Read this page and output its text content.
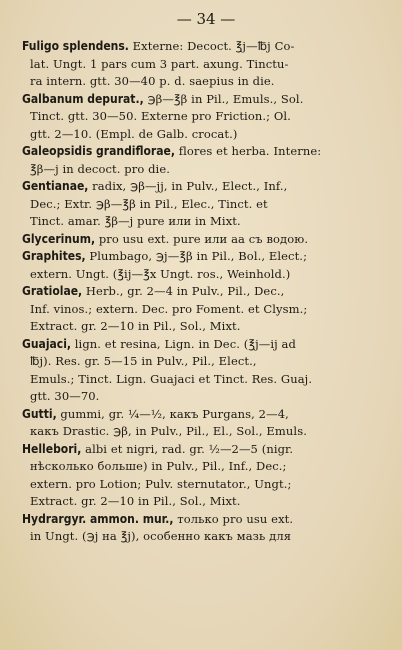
— 34 —
Fuligo splendens. Externe: Decoct. ℥j—℔j Co-
lat. Ungt. 1 pars cum 3 part. axung. Tinctu-
ra intern. gtt. 30—40 p. d. saepius in die.
Galbanum depurat., ℈β—℥β in Pil., Emuls., Sol.
Tinct. gtt. 30—50. Externe pro Friction.; Ol.
gtt. 2—10. (Empl. de Galb. crocat.)
Galeopsidis grandiflorae, flores et herba. Interne:
℥β—j in decoct. pro die.
Gentianae, radix, ℈β—jj, in Pulv., Elect., Inf.,
Dec.; Extr. ℈β—℥β in Pil., Elec., Tinct. et
Tinct. amar. ℥β—j pure или in Mixt.
Glycerinum, pro usu ext. pure или aa съ водою.
Graphites, Plumbago, ℈j—℥β in Pil., Bol., Elect.;
extern. Ungt. (℥ij—℥x Ungt. ros., Weinhold.)
Gratiolae, Herb., gr. 2—4 in Pulv., Pil., Dec.,
Inf. vinos.; extern. Dec. pro Foment. et Clysm.;
Extract. gr. 2—10 in Pil., Sol., Mixt.
Guajaci, lign. et resina, Lign. in Dec. (℥j—ij ad
℔j). Res. gr. 5—15 in Pulv., Pil., Elect.,
Emuls.; Tinct. Lign. Guajaci et Tinct. Res. Guaj.
gtt. 30—70.
Gutti, gummi, gr. ¼—½, какъ Purgans, 2—4,
какъ Drastic. ℈β, in Pulv., Pil., El., Sol., Emuls.
Hellebori, albi et nigri, rad. gr. ½—2—5 (nigr.
нѣсколько больше) in Pulv., Pil., Inf., Dec.;
extern. pro Lotion; Pulv. sternutator., Ungt.;
Extract. gr. 2—10 in Pil., Sol., Mixt.
Hydrargyr. ammon. mur., только pro usu ext.
in Ungt. (℈j на ℥j), особенно какъ мазь для
